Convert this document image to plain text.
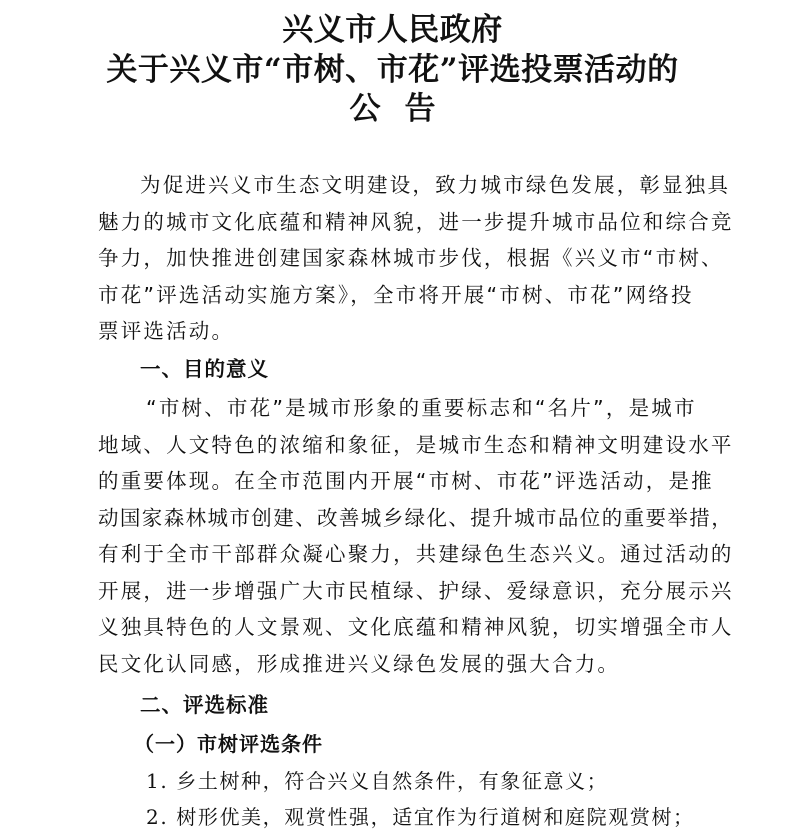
兴义市人民政府
关于兴义市“市树、市花”评选投票活动的
公告
为促进兴义市生态文明建设，致力城市绿色发展，彰显独具
魅力的城市文化底蕴和精神风貌，进一步提升城市品位和综合竞
争力，加快推进创建国家森林城市步伐，根据《兴义市“市树、
市花”评选活动实施方案》，全市将开展“市树、市花”网络投
票评选活动。
一、目的意义
“市树、市花”是城市形象的重要标志和“名片”，是城市
地域、人文特色的浓缩和象征，是城市生态和精神文明建设水平
的重要体现。在全市范围内开展“市树、市花”评选活动，是推
动国家森林城市创建、改善城乡绿化、提升城市品位的重要举措，
有利于全市干部群众凝心聚力，共建绿色生态兴义。通过活动的
开展，进一步增强广大市民植绿、护绿、爱绿意识，充分展示兴
义独具特色的人文景观、文化底蕴和精神风貌，切实增强全市人
民文化认同感，形成推进兴义绿色发展的强大合力。
二、评选标准
（一）市树评选条件
1. 乡土树种，符合兴义自然条件，有象征意义；
2. 树形优美，观赏性强，适宜作为行道树和庭院观赏树；
